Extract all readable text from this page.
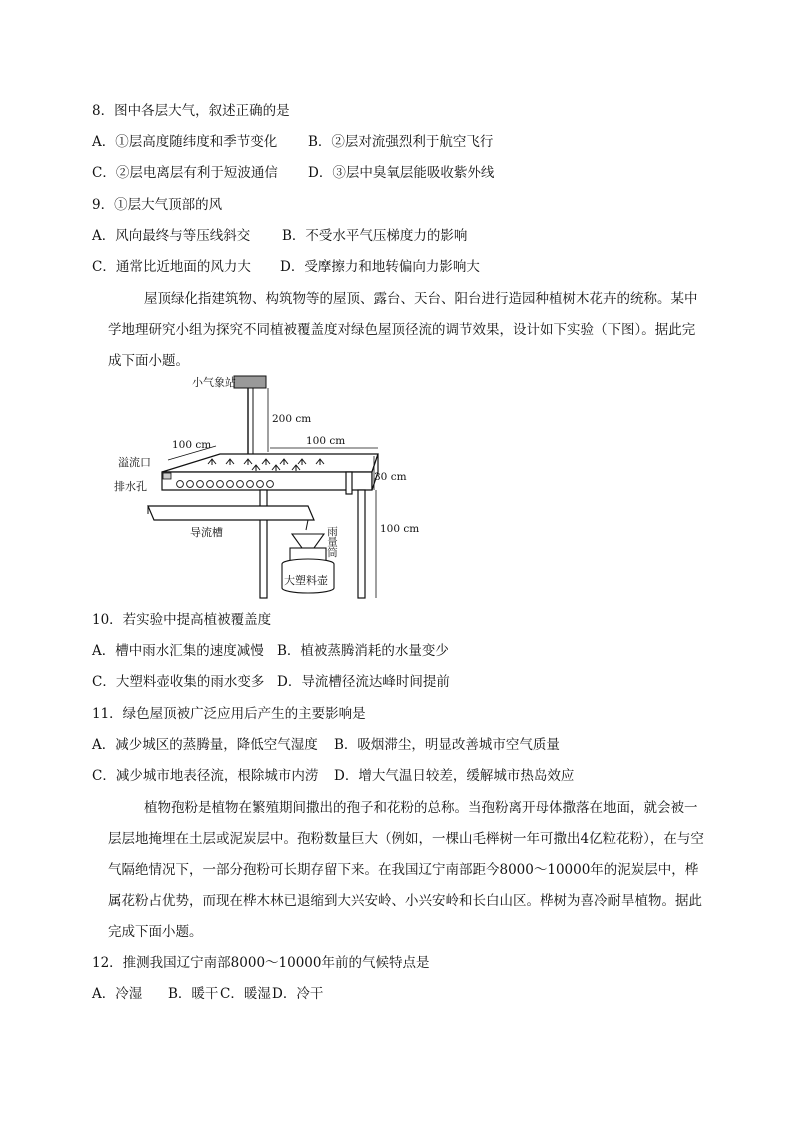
8．图中各层大气，叙述正确的是
A．①层高度随纬度和季节变化 B．②层对流强烈利于航空飞行
C．②层电离层有利于短波通信 D．③层中臭氧层能吸收紫外线
9．①层大气顶部的风
A．风向最终与等压线斜交 B．不受水平气压梯度力的影响
C．通常比近地面的风力大 D．受摩擦力和地转偏向力影响大

屋顶绿化指建筑物、构筑物等的屋顶、露台、天台、阳台进行造园种植树木花卉的统称。某中学地理研究小组为探究不同植被覆盖度对绿色屋顶径流的调节效果，设计如下实验（下图）。据此完成下面小题。

小气象站
200 cm
100 cm	100 cm
溢流口
排水孔
30 cm
100 cm
导流槽	雨量筒
大塑料壶
10．若实验中提高植被覆盖度
A．槽中雨水汇集的速度减慢 B．植被蒸腾消耗的水量变少
C．大塑料壶收集的雨水变多 D．导流槽径流达峰时间提前
11．绿色屋顶被广泛应用后产生的主要影响是
A．减少城区的蒸腾量，降低空气湿度 B．吸烟滞尘，明显改善城市空气质量
C．减少城市地表径流，根除城市内涝 D．增大气温日较差，缓解城市热岛效应

植物孢粉是植物在繁殖期间撒出的孢子和花粉的总称。当孢粉离开母体撒落在地面，就会被一层层地掩埋在土层或泥炭层中。孢粉数量巨大（例如，一棵山毛榉树一年可撒出4亿粒花粉），在与空气隔绝情况下，一部分孢粉可长期存留下来。在我国辽宁南部距今8000～10000年的泥炭层中，桦属花粉占优势，而现在桦木林已退缩到大兴安岭、小兴安岭和长白山区。桦树为喜冷耐旱植物。据此完成下面小题。

12．推测我国辽宁南部8000～10000年前的气候特点是
A．冷湿 B．暖干 C．暖湿 D．冷干
